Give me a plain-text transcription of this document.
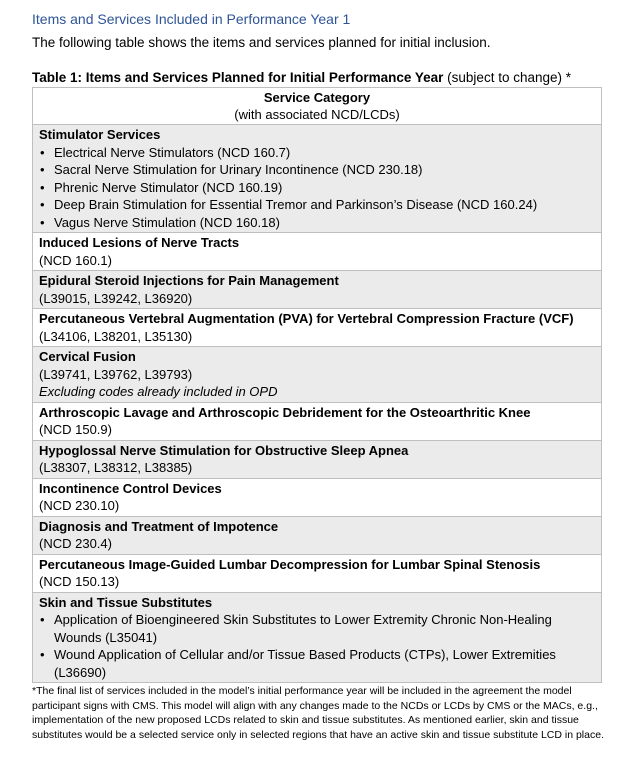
Items and Services Included in Performance Year 1

The following table shows the items and services planned for initial inclusion.

Table 1: Items and Services Planned for Initial Performance Year (subject to change) *

Service Category
(with associated NCD/LCDs)

Stimulator Services
• Electrical Nerve Stimulators (NCD 160.7)
• Sacral Nerve Stimulation for Urinary Incontinence (NCD 230.18)
• Phrenic Nerve Stimulator (NCD 160.19)
• Deep Brain Stimulation for Essential Tremor and Parkinson’s Disease (NCD 160.24)
• Vagus Nerve Stimulation (NCD 160.18)

Induced Lesions of Nerve Tracts
(NCD 160.1)

Epidural Steroid Injections for Pain Management
(L39015, L39242, L36920)

Percutaneous Vertebral Augmentation (PVA) for Vertebral Compression Fracture (VCF)
(L34106, L38201, L35130)

Cervical Fusion
(L39741, L39762, L39793)
Excluding codes already included in OPD

Arthroscopic Lavage and Arthroscopic Debridement for the Osteoarthritic Knee
(NCD 150.9)

Hypoglossal Nerve Stimulation for Obstructive Sleep Apnea
(L38307, L38312, L38385)

Incontinence Control Devices
(NCD 230.10)

Diagnosis and Treatment of Impotence
(NCD 230.4)

Percutaneous Image-Guided Lumbar Decompression for Lumbar Spinal Stenosis
(NCD 150.13)

Skin and Tissue Substitutes
• Application of Bioengineered Skin Substitutes to Lower Extremity Chronic Non-Healing Wounds (L35041)
• Wound Application of Cellular and/or Tissue Based Products (CTPs), Lower Extremities (L36690)

*The final list of services included in the model’s initial performance year will be included in the agreement the model participant signs with CMS. This model will align with any changes made to the NCDs or LCDs by CMS or the MACs, e.g., implementation of the new proposed LCDs related to skin and tissue substitutes. As mentioned earlier, skin and tissue substitutes would be a selected service only in selected regions that have an active skin and tissue substitute LCD in place.
